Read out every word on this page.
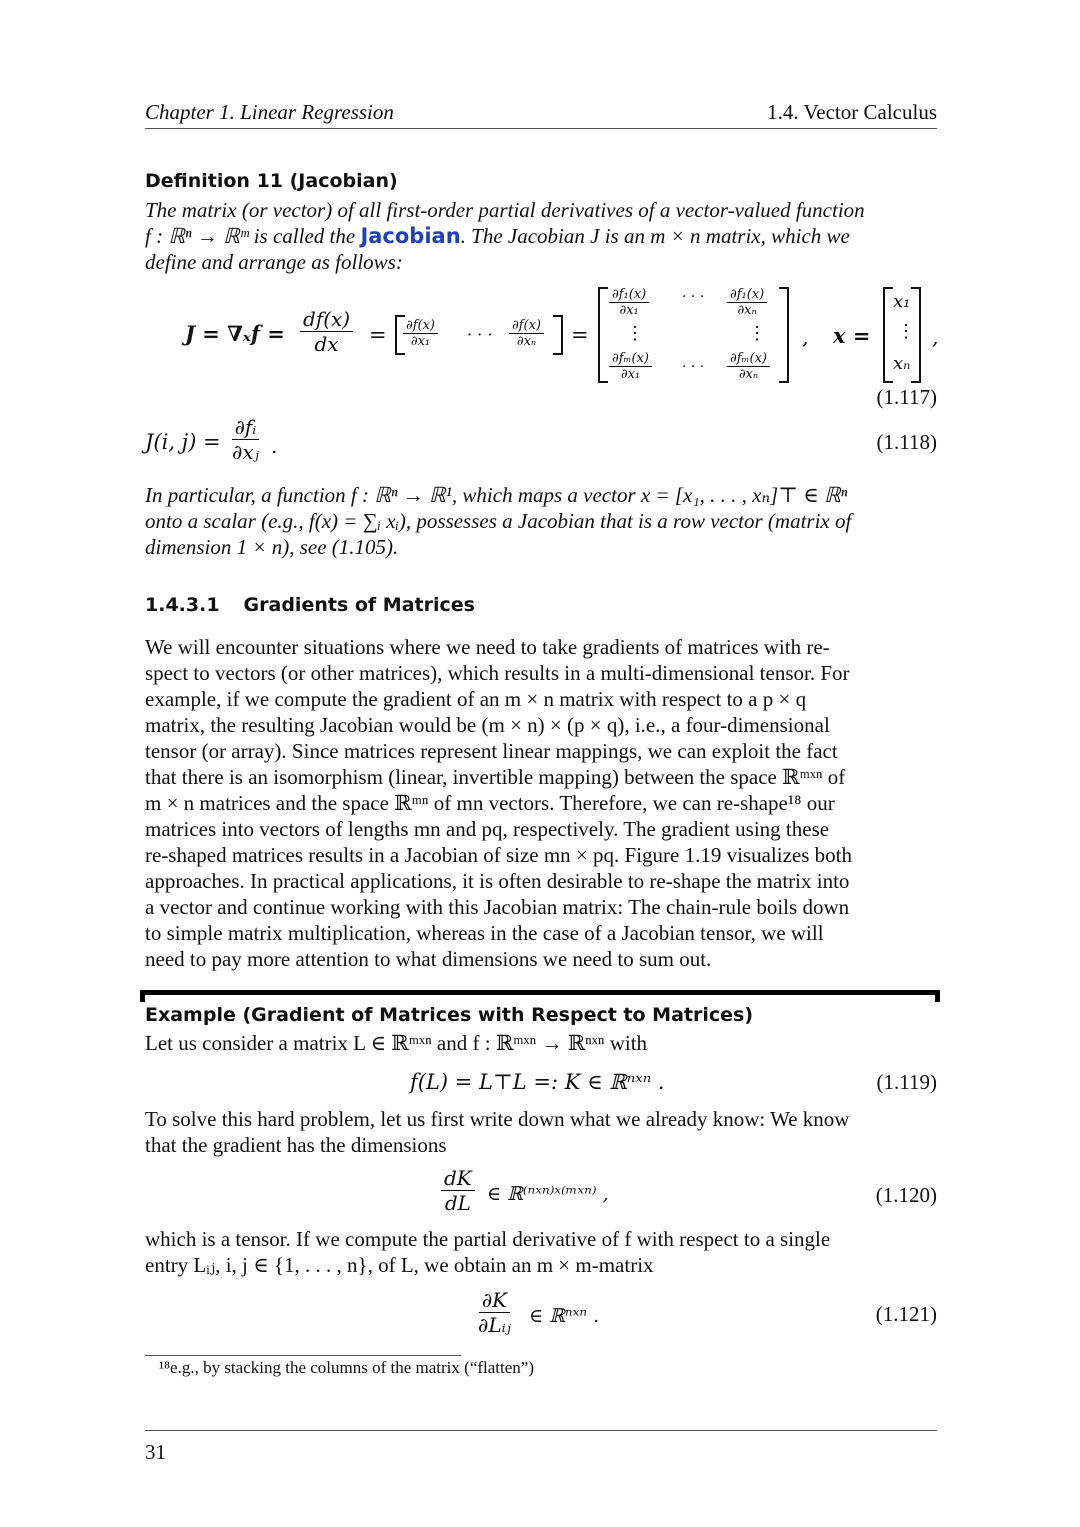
Chapter 1. Linear Regression	1.4. Vector Calculus
Definition 11 (Jacobian)
The matrix (or vector) of all first-order partial derivatives of a vector-valued function
f : ℝⁿ → ℝᵐ is called the Jacobian. The Jacobian J is an m × n matrix, which we
define and arrange as follows:
$J = \nabla_xf = \frac{df(x)}{dx} = \frac{\partial f(x)}{\text{∂x₁}}$ · · · $\frac{\partial f(x)}{\text{∂xₙ}}$ =
$\frac{\text{∂f₁(x)}}{\text{∂x₁}}$ · · · $\frac{\text{∂f₁(x)}}{\text{∂xₙ}}$
⋮	⋮
$\frac{\text{∂fₘ(x)}}{\text{∂x₁}}$ · · · $\frac{\text{∂fₘ(x)}}{\text{∂xₙ}}$
, x =
x₁
⋮
xₙ
,
(1.117)
J(i, $j) = \frac{\text{∂fᵢ}}{\text{∂xⱼ}}$ .	(1.118)
In particular, a function f : ℝⁿ → ℝ¹, which maps a vector x = [x₁, . . . , xₙ]⊤ ∈ ℝⁿ
onto a scalar (e.g., f(x) = ∑ᵢ xᵢ), possesses a Jacobian that is a row vector (matrix of
dimension 1 × n), see (1.105).
1.4.3.1 Gradients of Matrices
We will encounter situations where we need to take gradients of matrices with re-
spect to vectors (or other matrices), which results in a multi-dimensional tensor. For
example, if we compute the gradient of an m × n matrix with respect to a p × q
matrix, the resulting Jacobian would be (m × n) × (p × q), i.e., a four-dimensional
tensor (or array). Since matrices represent linear mappings, we can exploit the fact
that there is an isomorphism (linear, invertible mapping) between the space ℝᵐˣⁿ of
m × n matrices and the space ℝᵐⁿ of mn vectors. Therefore, we can re-shape¹⁸ our
matrices into vectors of lengths mn and pq, respectively. The gradient using these
re-shaped matrices results in a Jacobian of size mn × pq. Figure 1.19 visualizes both
approaches. In practical applications, it is often desirable to re-shape the matrix into
a vector and continue working with this Jacobian matrix: The chain-rule boils down
to simple matrix multiplication, whereas in the case of a Jacobian tensor, we will
need to pay more attention to what dimensions we need to sum out.
Example (Gradient of Matrices with Respect to Matrices)
Let us consider a matrix L ∈ ℝᵐˣⁿ and f : ℝᵐˣⁿ → ℝⁿˣⁿ with
f(L) = L⊤L =: K ∈ ℝⁿˣⁿ .	(1.119)
To solve this hard problem, let us first write down what we already know: We know
that the gradient has the dimensions
$\frac{dK}{dL}$ ∈ ℝ⁽ⁿˣⁿ⁾ˣ⁽ᵐˣⁿ⁾ ,	(1.120)
which is a tensor. If we compute the partial derivative of f with respect to a single
entry Lᵢⱼ, i, j ∈ {1, . . . , n}, of L, we obtain an m × m-matrix
∂K
∂Lᵢⱼ ∈ ℝⁿˣⁿ .	(1.121)
¹⁸e.g., by stacking the columns of the matrix (“flatten”)
31
